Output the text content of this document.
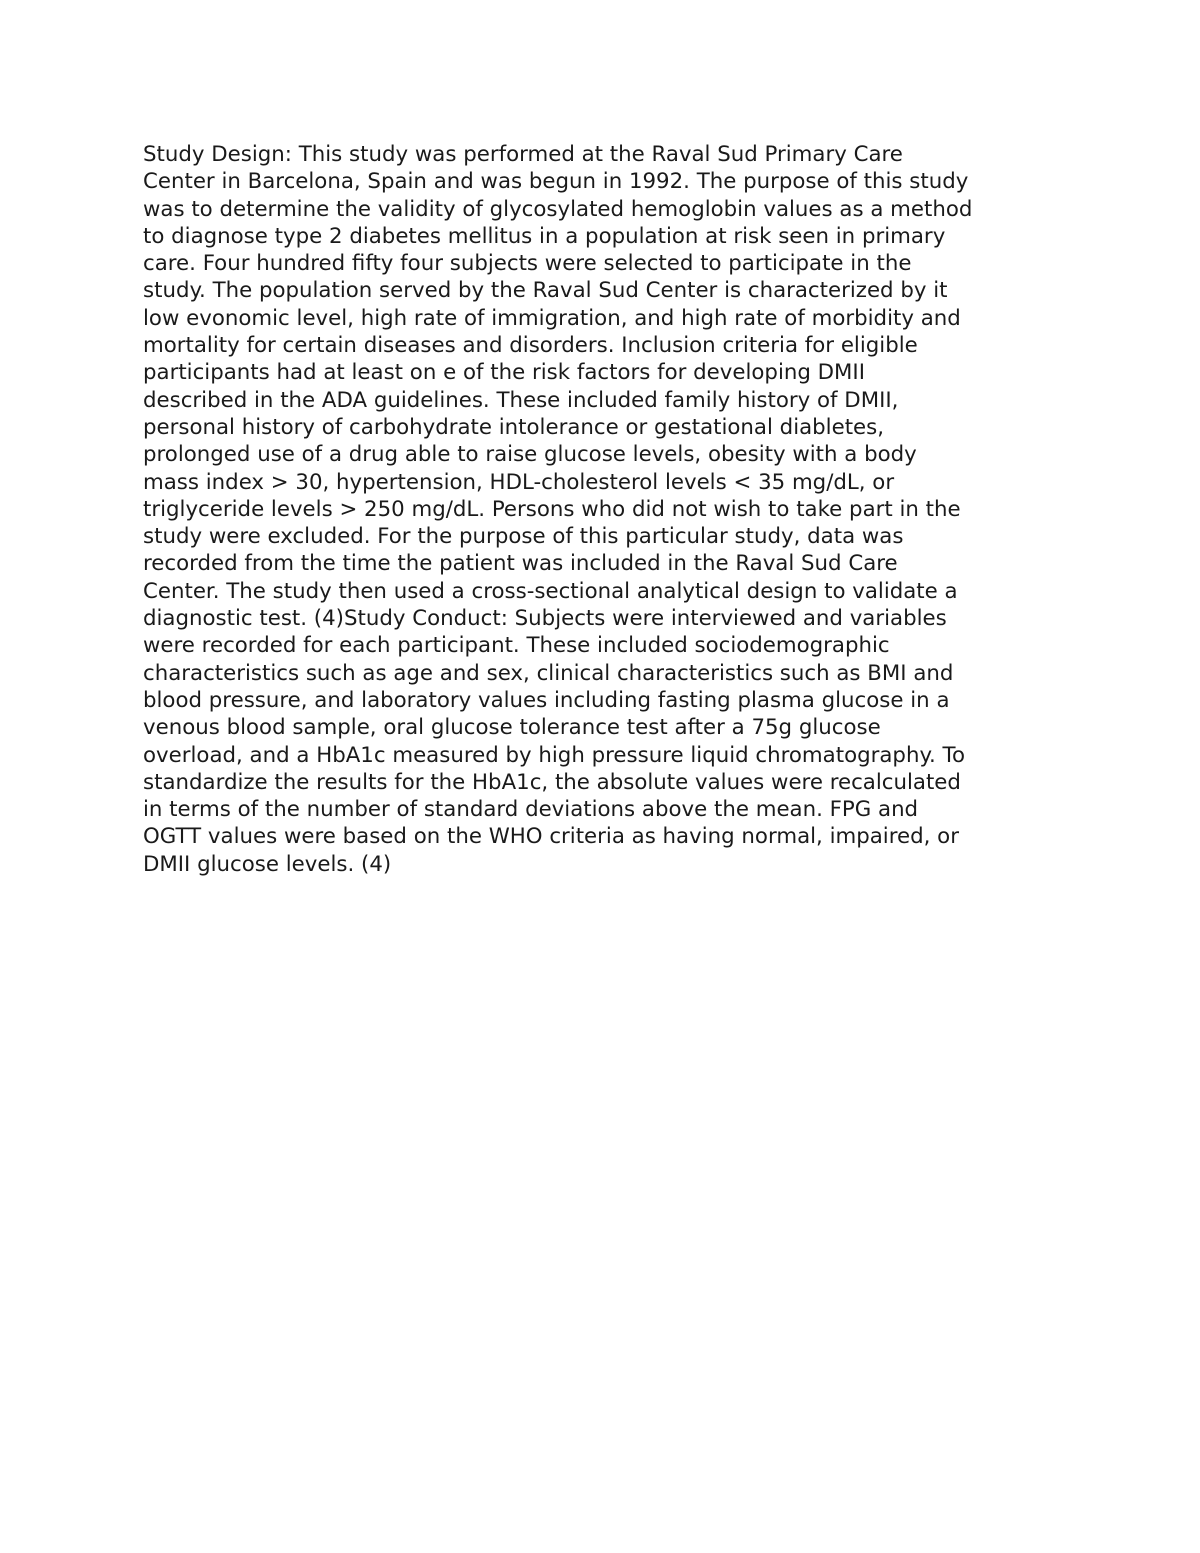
Study Design: This study was performed at the Raval Sud Primary Care
Center in Barcelona, Spain and was begun in 1992. The purpose of this study
was to determine the validity of glycosylated hemoglobin values as a method
to diagnose type 2 diabetes mellitus in a population at risk seen in primary
care. Four hundred fifty four subjects were selected to participate in the
study. The population served by the Raval Sud Center is characterized by it
low evonomic level, high rate of immigration, and high rate of morbidity and
mortality for certain diseases and disorders. Inclusion criteria for eligible
participants had at least on e of the risk factors for developing DMII
described in the ADA guidelines. These included family history of DMII,
personal history of carbohydrate intolerance or gestational diabletes,
prolonged use of a drug able to raise glucose levels, obesity with a body
mass index > 30, hypertension, HDL-cholesterol levels < 35 mg/dL, or
triglyceride levels > 250 mg/dL. Persons who did not wish to take part in the
study were excluded. For the purpose of this particular study, data was
recorded from the time the patient was included in the Raval Sud Care
Center. The study then used a cross-sectional analytical design to validate a
diagnostic test. (4)Study Conduct: Subjects were interviewed and variables
were recorded for each participant. These included sociodemographic
characteristics such as age and sex, clinical characteristics such as BMI and
blood pressure, and laboratory values including fasting plasma glucose in a
venous blood sample, oral glucose tolerance test after a 75g glucose
overload, and a HbA1c measured by high pressure liquid chromatography. To
standardize the results for the HbA1c, the absolute values were recalculated
in terms of the number of standard deviations above the mean. FPG and
OGTT values were based on the WHO criteria as having normal, impaired, or
DMII glucose levels. (4)
